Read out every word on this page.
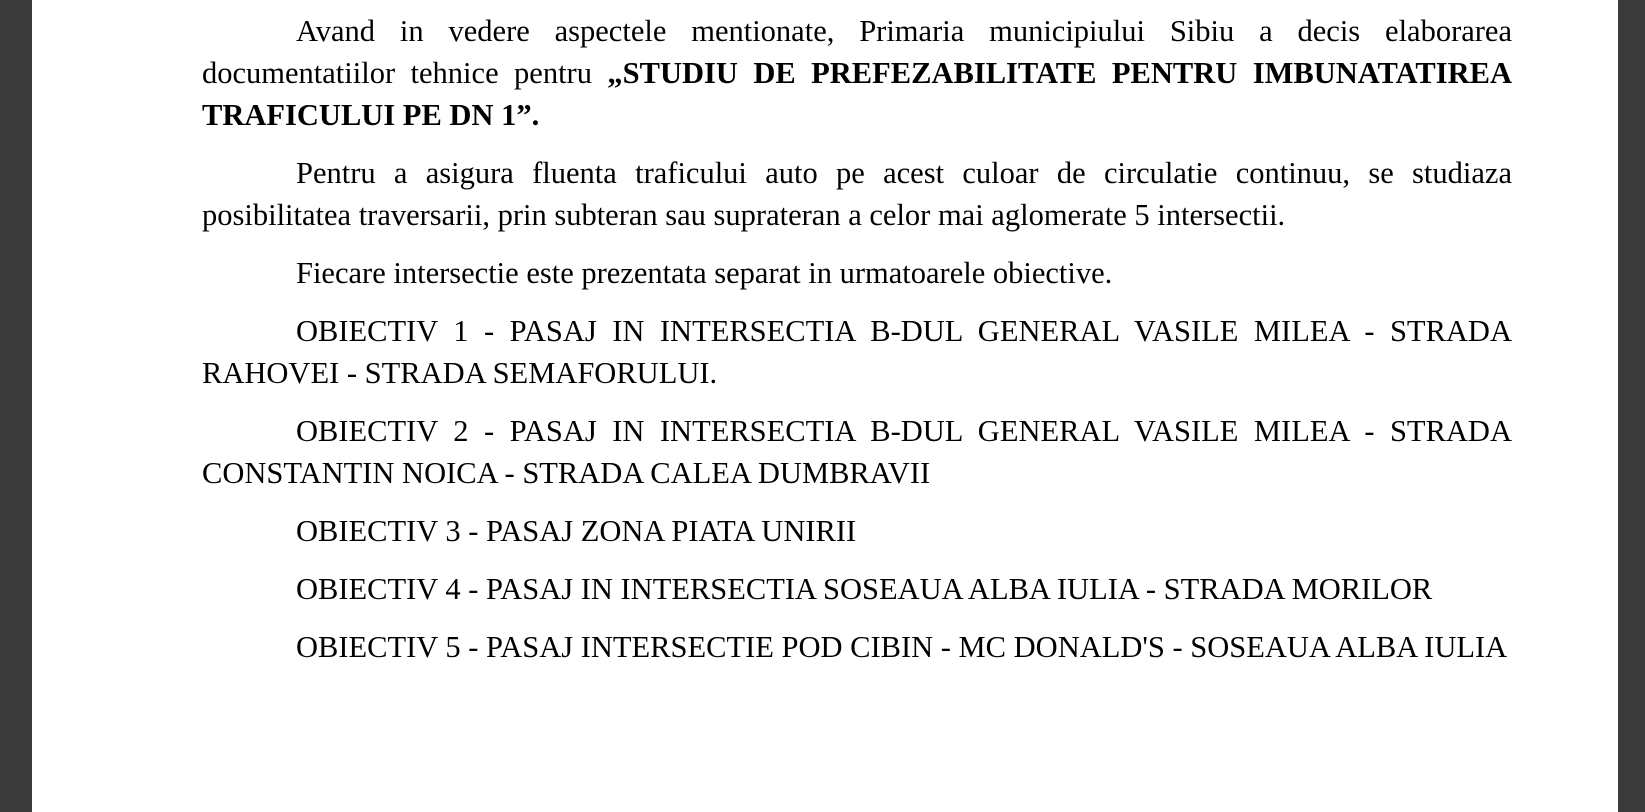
Avand in vedere aspectele mentionate, Primaria municipiului Sibiu a decis elaborarea documentatiilor tehnice pentru „STUDIU DE PREFEZABILITATE PENTRU IMBUNATATIREA TRAFICULUI PE DN 1”.

Pentru a asigura fluenta traficului auto pe acest culoar de circulatie continuu, se studiaza posibilitatea traversarii, prin subteran sau suprateran a celor mai aglomerate 5 intersectii.

Fiecare intersectie este prezentata separat in urmatoarele obiective.

OBIECTIV 1 - PASAJ IN INTERSECTIA B-DUL GENERAL VASILE MILEA - STRADA RAHOVEI - STRADA SEMAFORULUI.

OBIECTIV 2 - PASAJ IN INTERSECTIA B-DUL GENERAL VASILE MILEA - STRADA CONSTANTIN NOICA - STRADA CALEA DUMBRAVII

OBIECTIV 3 - PASAJ ZONA PIATA UNIRII

OBIECTIV 4 - PASAJ IN INTERSECTIA SOSEAUA ALBA IULIA - STRADA MORILOR

OBIECTIV 5 - PASAJ INTERSECTIE POD CIBIN - MC DONALD'S - SOSEAUA ALBA IULIA
